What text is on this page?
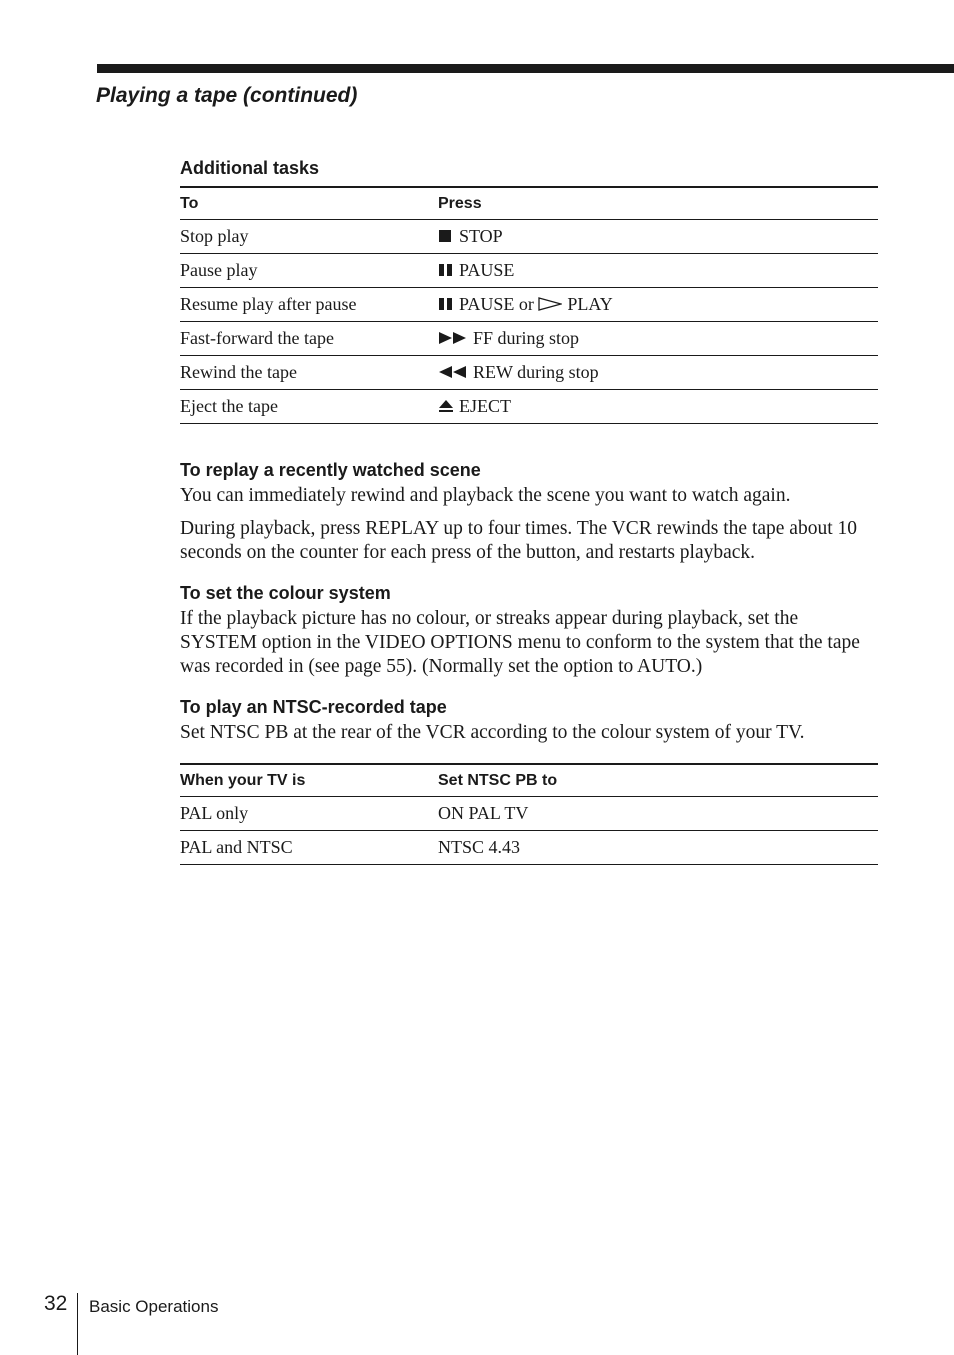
Playing a tape (continued)
Additional tasks
To	Press
Stop play	STOP
Pause play	PAUSE
Resume play after pause	PAUSE or PLAY
Fast-forward the tape	FF during stop
Rewind the tape	REW during stop
Eject the tape	EJECT
To replay a recently watched scene

You can immediately rewind and playback the scene you want to watch again.

During playback, press REPLAY up to four times. The VCR rewinds the tape about 10 seconds on the counter for each press of the button, and restarts playback.

To set the colour system

If the playback picture has no colour, or streaks appear during playback, set the SYSTEM option in the VIDEO OPTIONS menu to conform to the system that the tape was recorded in (see page 55). (Normally set the option to AUTO.)

To play an NTSC-recorded tape

Set NTSC PB at the rear of the VCR according to the colour system of your TV.

When your TV is	Set NTSC PB to
PAL only	ON PAL TV
PAL and NTSC	NTSC 4.43
32 Basic Operations
